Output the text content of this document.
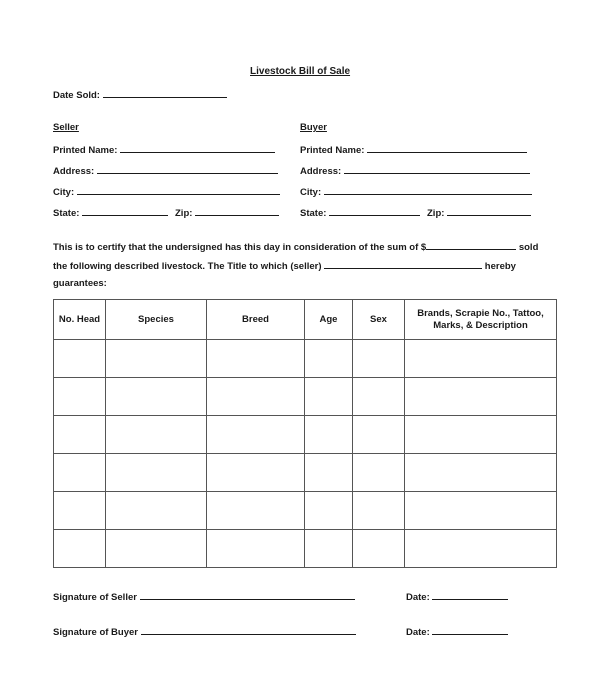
Livestock Bill of Sale
Date Sold:
Seller
Printed Name:
Address:
City:
State:	Zip:
Buyer
Printed Name:
Address:
City:
State:	Zip:
This is to certify that the undersigned has this day in consideration of the sum of $	sold
the following described livestock. The Title to which (seller)	hereby
guarantees:
No. Head	Species	Breed	Age	Sex	Brands, Scrapie No., Tattoo, Marks, & Description

Signature of Seller	Date:
Signature of Buyer	Date:
